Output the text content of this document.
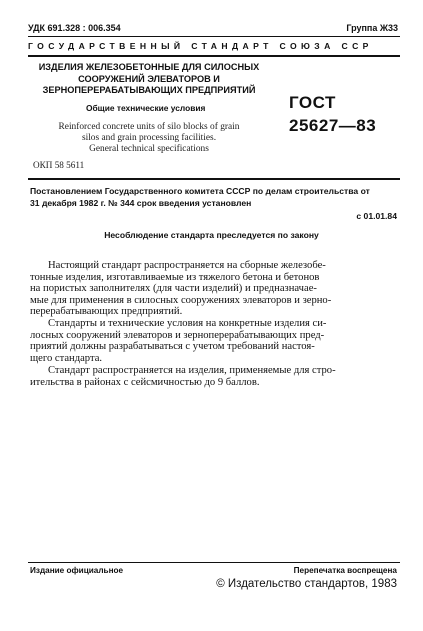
УДК 691.328 : 006.354	Группа Ж33
ГОСУДАРСТВЕННЫЙ СТАНДАРТ СОЮЗА ССР
ИЗДЕЛИЯ ЖЕЛЕЗОБЕТОННЫЕ ДЛЯ СИЛОСНЫХ
СООРУЖЕНИЙ ЭЛЕВАТОРОВ И
ЗЕРНОПЕРЕРАБАТЫВАЮЩИХ ПРЕДПРИЯТИЙ
Общие технические условия
Reinforced concrete units of silo blocks of grain
silos and grain processing facilities.
General technical specifications
ОКП 58 5611
ГОСТ
25627—83
Постановлением Государственного комитета СССР по делам строительства от
31 декабря 1982 г. № 344 срок введения установлен
с 01.01.84
Несоблюдение стандарта преследуется по закону
Настоящий стандарт распространяется на сборные железобе-
тонные изделия, изготавливаемые из тяжелого бетона и бетонов
на пористых заполнителях (для части изделий) и предназначае-
мые для применения в силосных сооружениях элеваторов и зерно-
перерабатывающих предприятий.
Стандарты и технические условия на конкретные изделия си-
лосных сооружений элеваторов и зерноперерабатывающих пред-
приятий должны разрабатываться с учетом требований настоя-
щего стандарта.
Стандарт распространяется на изделия, применяемые для стро-
ительства в районах с сейсмичностью до 9 баллов.
Издание официальное	Перепечатка воспрещена
© Издательство стандартов, 1983
